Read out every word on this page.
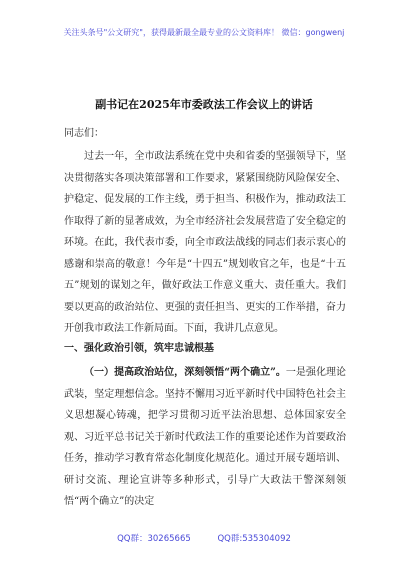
关注头条号"公文研究"，获得最新最全最专业的公文资料库！ 微信：gongwenj
副书记在2025年市委政法工作会议上的讲话
同志们：
过去一年，全市政法系统在党中央和省委的坚强领导下，坚决贯彻落实各项决策部署和工作要求，紧紧围绕防风险保安全、护稳定、促发展的工作主线，勇于担当、积极作为，推动政法工作取得了新的显著成效，为全市经济社会发展营造了安全稳定的环境。在此，我代表市委，向全市政法战线的同志们表示衷心的感谢和崇高的敬意！今年是“十四五”规划收官之年，也是“十五五”规划的谋划之年，做好政法工作意义重大、责任重大。我们要以更高的政治站位、更强的责任担当、更实的工作举措，奋力开创我市政法工作新局面。下面，我讲几点意见。
一、强化政治引领，筑牢忠诚根基
（一）提高政治站位，深刻领悟“两个确立”。一是强化理论武装，坚定理想信念。坚持不懈用习近平新时代中国特色社会主义思想凝心铸魂，把学习贯彻习近平法治思想、总体国家安全观、习近平总书记关于新时代政法工作的重要论述作为首要政治任务，推动学习教育常态化制度化规范化。通过开展专题培训、研讨交流、理论宣讲等多种形式，引导广大政法干警深刻领悟“两个确立”的决定
QQ群：30265665	QQ群:535304092
